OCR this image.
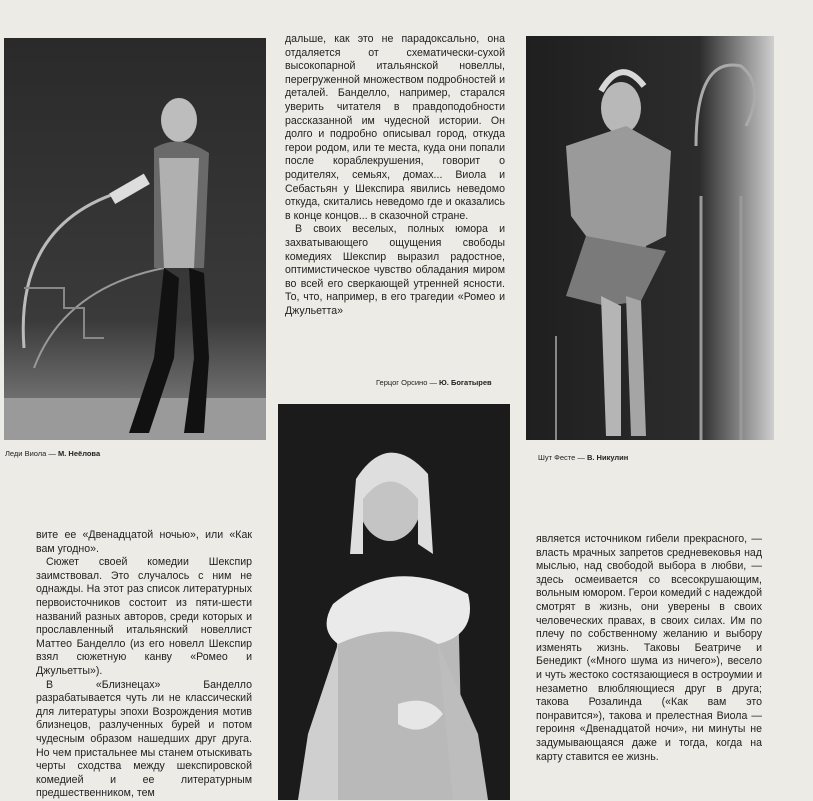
Леди Виола — М. Неёлова

дальше, как это не парадоксально, она отдаляется от схематически-сухой высокопарной итальянской новеллы, перегруженной множеством подробностей и деталей. Банделло, например, старался уверить читателя в правдоподобности рассказанной им чудесной истории. Он долго и подробно описывал город, откуда герои родом, или те места, куда они попали после кораблекрушения, говорит о родителях, семьях, домах... Виола и Себастьян у Шекспира явились неведомо откуда, скитались неведомо где и оказались в конце концов... в сказочной стране.

В своих веселых, полных юмора и захватывающего ощущения свободы комедиях Шекспир выразил радостное, оптимистическое чувство обладания миром во всей его сверкающей утренней ясности. То, что, например, в его трагедии «Ромео и Джульетта»

Герцог Орсино — Ю. Богатырев
Шут Фесте — В. Никулин

вите ее «Двенадцатой ночью», или «Как вам угодно».

Сюжет своей комедии Шекспир заимствовал. Это случалось с ним не однажды. На этот раз список литературных первоисточников состоит из пяти-шести названий разных авторов, среди которых и прославленный итальянский новеллист Маттео Банделло (из его новелл Шекспир взял сюжетную канву «Ромео и Джульетты»).

В «Близнецах» Банделло разрабатывается чуть ли не классический для литературы эпохи Возрождения мотив близнецов, разлученных бурей и потом чудесным образом нашедших друг друга. Но чем пристальнее мы станем отыскивать черты сходства между шекспировской комедией и ее литературным предшественником, тем

является источником гибели прекрасного, — власть мрачных запретов средневековья над мыслью, над свободой выбора в любви, — здесь осмеивается со всесокрушающим, вольным юмором. Герои комедий с надеждой смотрят в жизнь, они уверены в своих человеческих правах, в своих силах. Им по плечу по собственному желанию и выбору изменять жизнь. Таковы Беатриче и Бенедикт («Много шума из ничего»), весело и чуть жестоко состязающиеся в остроумии и незаметно влюбляющиеся друг в друга; такова Розалинда («Как вам это понравится»), такова и прелестная Виола — героиня «Двенадцатой ночи», ни минуты не задумывающаяся даже и тогда, когда на карту ставится ее жизнь.
